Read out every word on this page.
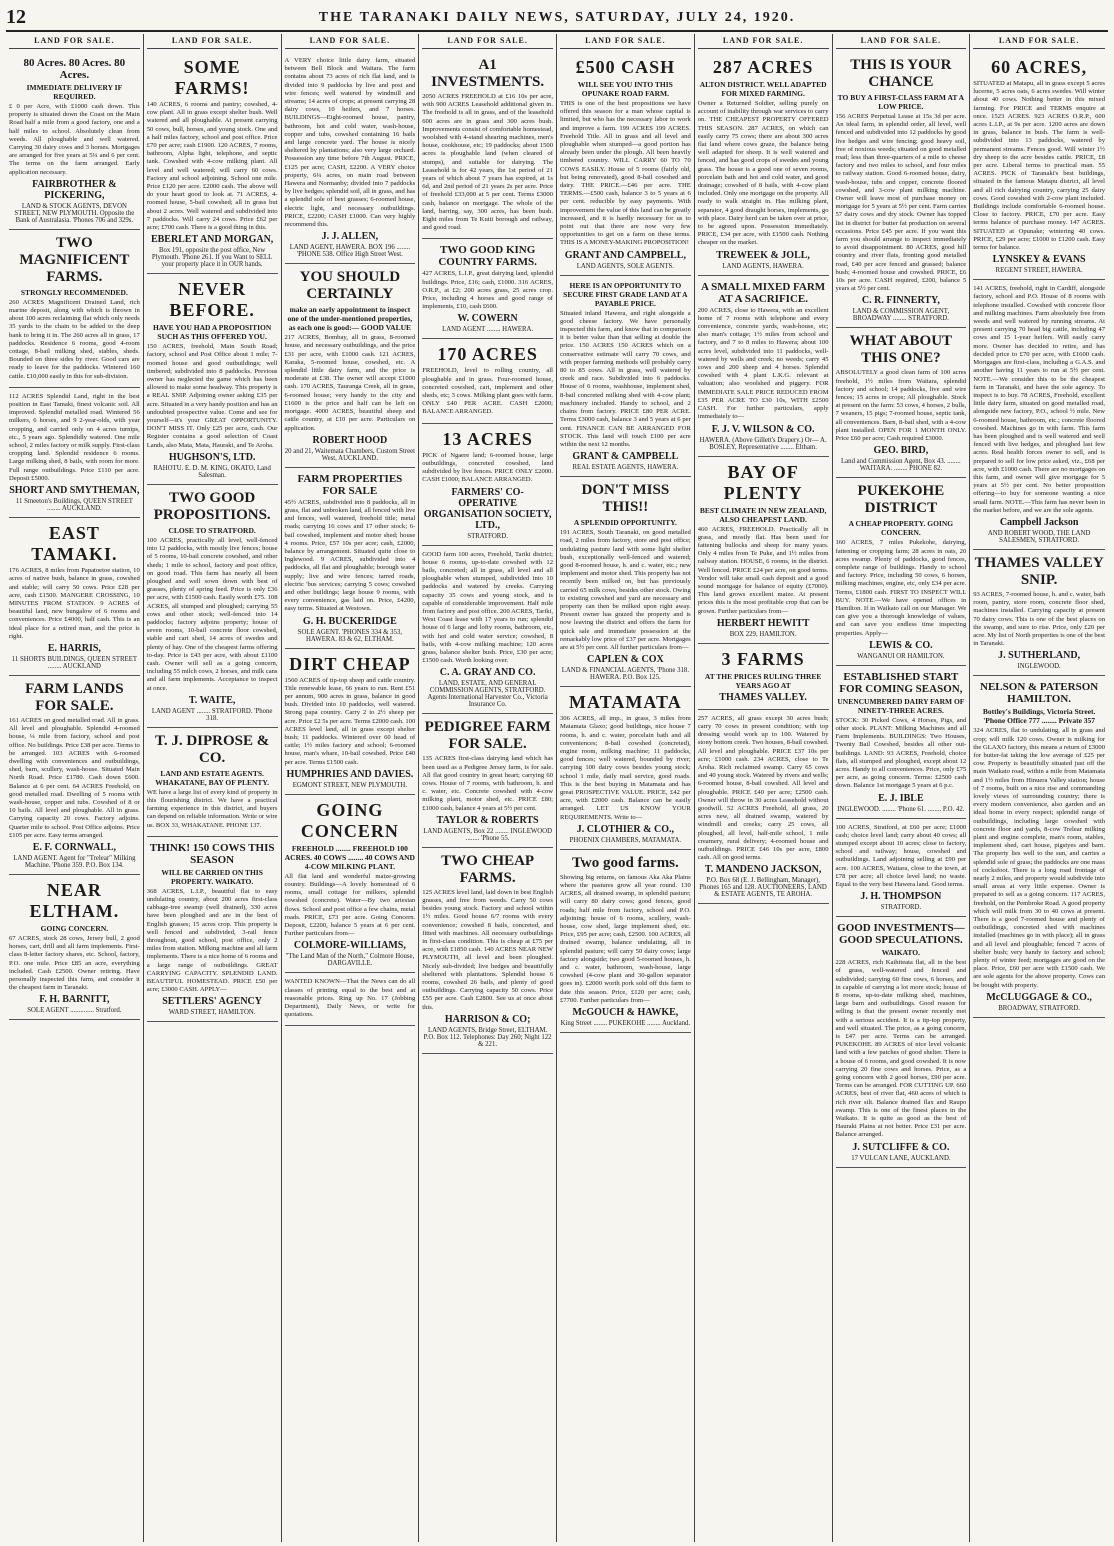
12	THE TARANAKI DAILY NEWS, SATURDAY, JULY 24, 1920.
LAND FOR SALE.
80 Acres. 80 Acres. 80 Acres.
IMMEDIATE DELIVERY IF REQUIRED.
£ 0 per Acre, with £1000 cash down. This property is situated down the Coast on the Main Road half a mile from a good factory, one and a half miles to school. Absolutely clean from weeds. All ploughable and well watered. Carrying 30 dairy cows and 3 horses. Mortgages are arranged for five years at 5¼ and 6 per cent. The terms on the farm arranged. Early application necessary.
FAIRBROTHER & PICKERING,
LAND & STOCK AGENTS, DEVON STREET, NEW PLYMOUTH. Opposite the Bank of Australasia. 'Phones 706 and 329s.
TWO MAGNIFICENT FARMS.
STRONGLY RECOMMENDED.
260 ACRES Magnificent Drained Land, rich marine deposit, along with which is thrown in about 100 acres reclaiming flat which only needs 35 yards to the chain to be added to the deep bank to bring it in. The 260 acres all in grass, 17 paddocks. Residence 6 rooms, good 4-room cottage, 8-bail milking shed, stables, sheds. Bounded on three sides by river. Good cars are ready to leave for the paddocks. Wintered 160 cattle. £10,000 easily in this for sub-division.
112 ACRES Splendid Land, right in the best position in East Tamaki, finest volcanic soil. All improved. Splendid metalled road. Wintered 56 milkers, 6 horses, and 9 2-year-olds, with year cropping, and carried only on 4 acres turnips, etc., 5 years ago. Splendidly watered. One mile school, 2 miles factory or milk supply. First-class cropping land. Splendid residence 6 rooms. Large milking shed, 8 bails, with room for more. Full range outbuildings. Price £110 per acre. Deposit £5000.
SHORT AND SMYTHEMAN,
11 Smeeton's Buildings, QUEEN STREET ........ AUCKLAND.
EAST TAMAKI.
176 ACRES, 8 miles from Papatoetoe station, 10 acres of native bush, balance in grass, cowshed and stable; will carry 50 cows. Price £28 per acre, cash £1500. MANGERE CROSSING, 10 MINUTES FROM STATION. 9 ACRES of beautiful land, new bungalow of 6 rooms and conveniences. Price £4000, half cash. This is an ideal place for a retired man, and the price is right.
E. HARRIS,
11 SHORTS BUILDINGS, QUEEN STREET ........ AUCKLAND
FARM LANDS FOR SALE.
161 ACRES on good metalled road. All in grass. All level and ploughable. Splendid 4-roomed house, ¼ mile from factory, school and post office. No buildings. Price £38 per acre. Terms to be arranged. 103 ACRES with 6-roomed dwelling with conveniences and outbuildings, shed, barn, scullery, wash-house. Situated Main North Road. Price £1780. Cash down £600. Balance at 6 per cent. 64 ACRES Freehold, on good metalled road. Dwelling of 5 rooms with wash-house, copper and tubs. Cowshed of 8 or 10 bails. All level and ploughable. All in grass. Carrying capacity 20 cows. Factory adjoins. Quarter mile to school. Post Office adjoins. Price £105 per acre. Easy terms arranged.
E. F. CORNWALL,
LAND AGENT. Agent for "Trelear" Milking Machine. 'Phone 359. P.O. Box 134.
NEAR ELTHAM.
GOING CONCERN.
67 ACRES, stock 28 cows, Jersey bull, 2 good horses, cart, drill and all farm implements. First-class 8-letter factory shares, etc. School, factory, P.O. one mile. Price £85 an acre, everything included. Cash £2500. Owner retiring. Have personally inspected this farm, and consider it the cheapest farm in Taranaki.
F. H. BARNITT,
SOLE AGENT .............. Stratford.
LAND FOR SALE.
SOME FARMS!
140 ACRES, 6 rooms and pantry; cowshed, 4-cow plant. All in grass except shelter bush. Well watered and all ploughable. At present carrying 50 cows, bull, horses, and young stock. One and a half miles factory, school and post office. Price £70 per acre; cash £1900. 120 ACRES, 7 rooms, bathroom, Alpha light, telephone, and septic tank. Cowshed with 4-cow milking plant. All level and well watered; will carry 60 cows. Factory and school adjoining. School one mile. Price £120 per acre. £2000 cash. The above will do your heart good to look at. 71 ACRES, 4-roomed house, 5-bail cowshed; all in grass but about 2 acres. Well watered and subdivided into 7 paddocks. Will carry 24 cows. Price £62 per acre; £700 cash. There is a good thing in this.
EBERLET AND MORGAN,
Box 191, opposite the post office, New Plymouth. 'Phone 261. If you Want to SELL your property place it in OUR hands.
NEVER BEFORE.
HAVE YOU HAD A PROPOSITION SUCH AS THIS OFFERED YOU.
150 ACRES, freehold, Main South Road; factory, school and Post Office about 1 mile; 7-roomed house and good outbuildings; well timbered; subdivided into 8 paddocks. Previous owner has neglected the game which has been allowed to make some headway. This property is a REAL SNIP. Adjoining owner asking £35 per acre. Situated in a very handy position and has an undoubted prospective value. Come and see for yourself—it's your GREAT OPPORTUNITY. DON'T MISS IT. Only £25 per acre, cash. Our Register contains a good selection of Coast Lands, also Mata, Mata, Hauraki, and Te Aroha.
HUGHSON'S, LTD.
RAHOTU. E. D. M. KING, OKATO, Land Salesman.
TWO GOOD PROPOSITIONS.
CLOSE TO STRATFORD.
100 ACRES, practically all level, well-fenced into 12 paddocks, with mostly live fences; house of 5 rooms, 10-bail concrete cowshed, and other sheds; 1 mile to school, factory and post office, on good road. This farm has nearly all been ploughed and well sown down with best of grasses, plenty of spring feed. Price is only £36 per acre, with £1500 cash. Easily worth £75. 108 ACRES, all stumped and ploughed; carrying 55 cows and other stock; well-fenced into 14 paddocks; factory adjoins property; house of seven rooms, 10-bail concrete floor cowshed, stable and cart shed, 14 acres of swedes and plenty of hay. One of the cheapest farms offering to-day. Price is £43 per acre, with about £1100 cash. Owner will sell as a going concern, including 55 milch cows, 2 horses, and milk cans and all farm implements. Acceptance to inspect at once.
T. WAITE,
LAND AGENT ........ STRATFORD. 'Phone 318.
T. J. DIPROSE & CO.
LAND AND ESTATE AGENTS. WHAKATANE, BAY OF PLENTY.
WE have a large list of every kind of property in this flourishing district. We have a practical farming experience in this district, and buyers can depend on reliable information. Write or wire us. BOX 33, WHAKATANE. PHONE 137.
THINK! 150 COWS THIS SEASON
WILL BE CARRIED ON THIS PROPERTY. WAIKATO.
368 ACRES, L.I.P., beautiful flat to easy undulating country, about 200 acres first-class cabbage-tree swamp (well drained), 330 acres have been ploughed and are in the best of English grasses; 15 acres crop. This property is well fenced and subdivided, 3-rail fence throughout, good school, post office, only 2 miles from station. Milking machine and all farm implements. There is a nice home of 6 rooms and a large range of outbuildings. GREAT CARRYING CAPACITY. SPLENDID LAND. BEAUTIFUL HOMESTEAD. PRICE £50 per acre; £3000 CASH. APPLY—
SETTLERS' AGENCY
WARD STREET, HAMILTON.
LAND FOR SALE.
A VERY choice little dairy farm, situated between Bell Block and Waitara. The farm contains about 73 acres of rich flat land, and is divided into 9 paddocks by live and post and wire fences; well watered by windmill and streams; 14 acres of crops; at present carrying 28 dairy cows, 10 heifers, and 7 horses. BUILDINGS—Eight-roomed house, pantry, bathroom, hot and cold water, wash-house, copper and tubs, cowshed containing 16 bails and large concrete yard. The house is nicely sheltered by plantations; also very large orchard. Possession any time before 7th August. PRICE, £125 per acre; CASH, £2200. A VERY choice property, 6¼ acres, on main road between Hawera and Normanby; divided into 7 paddocks by live hedges; splendid soil, all in grass, and has a splendid sole of best grasses; 6-roomed house, electric light, and necessary outbuildings. PRICE, £2200; CASH £1000. Can very highly recommend this.
J. J. ALLEN,
LAND AGENT, HAWERA. BOX 196 ........ 'PHONE 538. Office High Street West.
YOU SHOULD CERTAINLY
make an early appointment to inspect one of the under-mentioned properties, as each one is good:— GOOD VALUE
217 ACRES, Bombay, all in grass, 8-roomed house, and necessary outbuildings, and the price £31 per acre, with £1000 cash. 121 ACRES, Karaka, 5-roomed house, cowshed, etc. A splendid little dairy farm, and the price is moderate at £38. The owner will accept £1000 cash. 170 ACRES, Tauranga Creek, all in grass, 6-roomed house; very handy to the city and £1600 is the price and half can be left on mortgage. 4000 ACRES, beautiful sheep and cattle country, at £10 per acre. Particulars on application.
ROBERT HOOD
20 and 21, Waitemata Chambers, Custom Street West, AUCKLAND.
FARM PROPERTIES FOR SALE
45½ ACRES, subdivided into 8 paddocks, all in grass, flat and unbroken land, all fenced with live and fences, well watered, freehold title; metal roads; carrying 16 cows and 17 other stock; 6-bail cowshed, implement and motor shed; house 4 rooms. Price, £57 10s per acre; cash, £2000, balance by arrangement. Situated quite close to Inglewood. 9 ACRES, subdivided into 4 paddocks, all flat and ploughable; borough water supply; live and wire fences; tarred roads, electric 'bus services; carrying 5 cows; cowshed and other buildings; large house 9 rooms, with every convenience, gas laid on. Price, £4200, easy terms. Situated at Westown.
G. H. BUCKERIDGE
SOLE AGENT. 'PHONES 334 & 353, HAWERA. 83 & 62, ELTHAM.
DIRT CHEAP
1560 ACRES of tip-top sheep and cattle country. Title renewable lease, 66 years to run. Rent £51 per annum, 900 acres in grass, balance in good bush. Divided into 10 paddocks, well watered. Strong papa country. Carry 2 to 2½ sheep per acre. Price £2 5s per acre. Terms £2000 cash. 100 ACRES level land, all in grass except shelter bush; 11 paddocks. Wintered over 60 head of cattle; 1½ miles factory and school; 6-roomed house, man's whare, 10-bail cowshed. Price £40 per acre. Terms £1500 cash.
HUMPHRIES AND DAVIES.
EGMONT STREET, NEW PLYMOUTH.
GOING CONCERN
FREEHOLD ........ FREEHOLD 100 ACRES. 40 COWS ........ 40 COWS AND 4-COW MILKING PLANT.
All flat land and wonderful maize-growing country. Buildings—A lovely homestead of 6 rooms, small cottage for milkers, splendid cowshed (concrete). Water—By two artesian flows. School and post office a few chains, metal roads. PRICE, £73 per acre. Going Concern. Deposit, £2200, balance 5 years at 6 per cent. Further particulars from—
COLMORE-WILLIAMS,
"The Land Man of the North," Colmore House, DARGAVILLE.
WANTED KNOWN—That the News can do all classes of printing equal to the best and at reasonable prices. Ring up No. 17 (Jobbing Department), Daily News, or write for quotations.
LAND FOR SALE.
A1 INVESTMENTS.
2050 ACRES FREEHOLD at £16 10s per acre, with 900 ACRES Leasehold additional given in. The freehold is all in grass, and of the leasehold 600 acres are in grass and 300 acres bush. Improvements consist of comfortable homestead, woolshed with 4-stand shearing machines, men's house, cookhouse, etc; 19 paddocks; about 1500 acres is ploughable land (when cleared of stumps), and suitable for dairying. The Leasehold is for 42 years, the 1st period of 21 years of which about 7 years has expired, at 1s 6d, and 2nd period of 21 years 2s per acre. Price of freehold £33,000 at 5 per cent. Terms £3000 cash, balance on mortgage. The whole of the land, barring, say, 300 acres, has been bush. Eight miles from Te Kuiti borough and railway, and good road.
TWO GOOD KING COUNTRY FARMS.
427 ACRES, L.I.P., great dairying land, splendid buildings. Price, £16; cash, £1000. 316 ACRES, O.R.P., at £2; 200 acres grass, 25 acres crop. Price, including 4 horses and good range of implements, £10, cash £600.
W. COWERN
LAND AGENT ........ HAWERA.
170 ACRES
FREEHOLD, level to rolling country, all ploughable and in grass. Four-roomed house, concreted cowshed, cart, implement and other sheds, etc; 3 cows. Milking plant goes with farm. ONLY £40 PER ACRE. CASH £2000; BALANCE ARRANGED.
13 ACRES
PICK of Ngaere land; 6-roomed house, large outbuildings, concreted cowshed, land subdivided by live fences. PRICE ONLY £2000. CASH £1000; BALANCE ARRANGED.
FARMERS' CO-OPERATIVE ORGANISATION SOCIETY, LTD.,
STRATFORD.
GOOD farm 100 acres, Freehold, Tariki district; house 6 rooms, up-to-date cowshed with 12 bails, concreted; all in grass, all level and all ploughable when stumped, subdivided into 10 paddocks and watered by creeks. Carrying capacity 35 cows and young stock, and is capable of considerable improvement. Half mile from factory and post office. 200 ACRES, Tariki, West Coast lease with 17 years to run; splendid house of 6 large and lofty rooms, bathroom, etc, with hot and cold water service; cowshed, 8 bails, with 4-cow milking machine; 120 acres grass, balance shelter bush. Price, £30 per acre; £1500 cash. Worth looking over.
C. A. GRAY AND CO.
LAND, ESTATE, AND GENERAL COMMISSION AGENTS, STRATFORD. Agents International Harvester Co., Victoria Insurance Co.
PEDIGREE FARM FOR SALE.
135 ACRES first-class dairying land which has been used as a Pedigree Jersey farm, is for sale. All flat good country in great heart; carrying 60 cows. House of 7 rooms, with bathroom, h. and c. water, etc. Concrete cowshed with 4-cow milking plant, motor shed, etc. PRICE £80; £1000 cash, balance 4 years at 5½ per cent.
TAYLOR & ROBERTS
LAND AGENTS, Box 22 ........ INGLEWOOD ........ 'Phone 55.
TWO CHEAP FARMS.
125 ACRES level land, laid down in best English grasses, and free from weeds. Carry 50 cows besides young stock. Factory and school within 1½ miles. Good house 6/7 rooms with every convenience; cowshed 8 bails, concreted, and fitted with machines. All necessary outbuildings in first-class condition. This is cheap at £75 per acre, with £1850 cash. 140 ACRES NEAR NEW PLYMOUTH, all level and been ploughed. Nicely sub-divided; live hedges and beautifully sheltered with plantations. Splendid house 6 rooms, cowshed 26 bails, and plenty of good outbuildings. Carrying capacity 50 cows. Price £55 per acre. Cash £2800. See us at once about this.
HARRISON & CO;
LAND AGENTS, Bridge Street, ELTHAM. P.O. Box 112. Telephones: Day 260; Night 122 & 221.
LAND FOR SALE.
£500 CASH
WILL SEE YOU INTO THIS OPUNAKE ROAD FARM.
THIS is one of the best propositions we have offered this season for a man whose capital is limited, but who has the necessary labor to work and improve a farm. 199 ACRES 199 ACRES. Freehold Title. All in grass and all level and ploughable when stumped—a good portion has already been under the plough. All been heavily timbered country. WILL CARRY 60 TO 70 COWS EASILY. House of 5 rooms (fairly old, but being renovated), good 8-bail cowshed and dairy. THE PRICE.—£46 per acre. THE TERMS.—£500 cash, balance 3 to 5 years at 6 per cent. reducible by easy payments. With improvement the value of this land can be greatly increased, and it is hardly necessary for us to point out that there are now very few opportunities to get on a farm on these terms. THIS IS A MONEY-MAKING PROPOSITION!
GRANT AND CAMPBELL,
LAND AGENTS, SOLE AGENTS.
HERE IS AN OPPORTUNITY TO SECURE FIRST GRADE LAND AT A PAYABLE PRICE.
Situated inland Hawera, and right alongside a good cheese factory. We have personally inspected this farm, and know that in comparison it is better value than that selling at double the price. 150 ACRES 150 ACRES which on a conservative estimate will carry 70 cows, and with proper farming methods will probably carry 80 to 85 cows. All in grass, well watered by creek and race. Subdivided into 6 paddocks. House of 6 rooms, washhouse, implement shed, 8-bail concreted milking shed with 4-cow plant; machinery included. Handy to school, and 2 chains from factory. PRICE £80 PER ACRE. Terms £3000 cash, balance 3 and 5 years at 6 per cent. FINANCE CAN BE ARRANGED FOR STOCK. This land will touch £100 per acre within the next 12 months.
GRANT & CAMPBELL
REAL ESTATE AGENTS, HAWERA.
DON'T MISS THIS!!
A SPLENDID OPPORTUNITY.
191 ACRES, South Taranaki, on good metalled road, 2 miles from factory, store and post office; undulating pasture land with some light shelter bush, exceptionally well-fenced and watered; good 8-roomed house, h. and c. water, etc.; new implement and motor shed. This property has not recently been milked on, but has previously carried 65 milk cows, besides other stock. Owing to existing cowshed and yard are necessary and property can then be milked upon right away. Present owner has grazed the property and is now leaving the district and offers the farm for quick sale and immediate possession at the remarkably low price of £37 per acre. Mortgages are at 5½ per cent. All further particulars from—
CAPLEN & COX
LAND & FINANCIAL AGENTS, 'Phone 318. HAWERA. P.O. Box 125.
MATAMATA
306 ACRES, all imp., in grass, 3 miles from Matamata Glaxo; good buildings, nice house 7 rooms, h. and c. water, porcelain bath and all conveniences; 8-bail cowshed (concreted), engine room, milking machine; 11 paddocks, good fences; well watered, bounded by river; carrying 100 dairy cows besides young stock; school 1 mile, daily mail service, good roads. This is the best buying in Matamata and has great PROSPECTIVE VALUE. PRICE, £42 per acre, with £2000 cash. Balance can be easily arranged. LET US KNOW YOUR REQUIREMENTS. Write to—
J. CLOTHIER & CO.,
PHOENIX CHAMBERS, MATAMATA.
Two good farms.
Showing big returns, on famous Aka Aka Plains where the pastures grow all year round. 130 ACRES, all drained swamp, in splendid pasture; will carry 80 dairy cows; good fences, good roads; half mile from factory, school and P.O. adjoining; house of 6 rooms, scullery, wash-house, cow shed, large implement shed, etc. Price, £95 per acre; cash, £2500. 100 ACRES, all drained swamp, balance undulating, all in splendid pasture; will carry 50 dairy cows; large factory alongside; two good 5-roomed houses, h. and c. water, bathroom, wash-house, large cowshed (4-cow plant and 30-gallon separator goes in). £2000 worth pork sold off this farm to date this season. Price, £120 per acre; cash, £7700. Further particulars from—
McGOUCH & HAWKE,
King Street ........ PUKEKOHE ........ Auckland.
LAND FOR SALE.
287 ACRES
ALTON DISTRICT. WELL ADAPTED FOR MIXED FARMING.
Owner a Returned Soldier, selling purely on account of inability through war services to carry on. THE CHEAPEST PROPERTY OFFERED THIS SEASON. 287 ACRES, on which can easily carry 75 cows; there are about 300 acres flat land where cows graze, the balance being well adapted for sheep. It is well watered and fenced, and has good crops of swedes and young grass. The house is a good one of seven rooms, porcelain bath and hot and cold water, and good drainage; cowshed of 8 bails, with 4-cow plant included. Only one mortgage on the property. All ready to walk straight in. Has milking plant, separator, 4 good draught horses, implements, go with place. Dairy herd can be taken over at price, to be agreed upon. Possession immediately. PRICE, £34 per acre, with £1500 cash. Nothing cheaper on the market.
TREWEEK & JOLL,
LAND AGENTS, HAWERA.
A SMALL MIXED FARM AT A SACRIFICE.
200 ACRES, close to Hawera, with an excellent home of 7 rooms with telephone and every convenience, concrete yards, wash-house, etc; also man's cottage; 1½ miles from school and factory, and 7 to 8 miles to Hawera; about 100 acres level, subdivided into 11 paddocks, well-watered by wells and creek; no weeds; carry 45 cows and 200 sheep and 4 horses. Splendid cowshed with 4 plant L.K.G. relevant at valuation; also woolshed and piggery. FOR IMMEDIATE SALE PRICE REDUCED FROM £35 PER ACRE TO £30 10s, WITH £2500 CASH. For further particulars, apply immediately to—
F. J. V. WILSON & CO.
HAWERA. (Above Gillett's Drapery.) Or— A. BOSLEY, Representative ........ Eltham.
BAY OF PLENTY
BEST CLIMATE IN NEW ZEALAND, ALSO CHEAPEST LAND.
460 ACRES, FREEHOLD. Practically all in grass, and mostly flat. Has been used for fattening bullocks and sheep for many years. Only 4 miles from Te Puke, and 1½ miles from railway station. HOUSE, 6 rooms, in the district. Well fenced. PRICE £24 per acre, on good terms. Vendor will take small cash deposit and a good sound mortgage for balance of equity (£7000). This land grows excellent maize. At present prices this is the most profitable crop that can be grown. Further particulars from—
HERBERT HEWITT
BOX 229, HAMILTON.
3 FARMS
AT THE PRICES RULING THREE YEARS AGO AT
THAMES VALLEY.
257 ACRES, all grass except 30 acres bush; carry 70 cows in present condition; with top dressing would work up to 100. Watered by stony bottom creek. Two houses, 8-bail cowshed. All level and ploughable. PRICE £37 10s per acre; £1000 cash. 234 ACRES, close to Te Aroha. Rich reclaimed swamp. Carry 65 cows and 40 young stock. Watered by rivers and wells; 6-roomed house, 8-bail cowshed. All level and ploughable. PRICE £40 per acre; £2500 cash. Owner will throw in 30 acres Leasehold without goodwill. 52 ACRES Freehold, all grass, 20 acres new, all drained swamp, watered by windmill and creeks; carry 25 cows, all ploughed, all level, half-mile school, 1 mile creamery, rural delivery; 4-roomed house and outbuildings. PRICE £46 10s per acre, £800 cash. All on good terms.
T. MANDENO JACKSON,
P.O. Box 68 (E. J. Bellingham, Manager), Phones 165 and 128. AUCTIONEERS, LAND & ESTATE AGENTS, TE AROHA.
LAND FOR SALE.
THIS IS YOUR CHANCE
TO BUY A FIRST-CLASS FARM AT A LOW PRICE.
156 ACRES Perpetual Lease at 15s 3d per acre. An ideal farm, in splendid order, all level, well fenced and subdivided into 12 paddocks by good live hedges and wire fencing; good heavy soil, free of noxious weeds; situated on good metalled road; less than three-quarters of a mile to cheese factory and two miles to school, and four miles to railway station. Good 6-roomed house, dairy, wash-house, tubs and copper, concrete floored cowshed, and 3-cow plant milking machine. Owner will leave most of purchase money on mortgage for 5 years at 5½ per cent. Farm carries 57 dairy cows and dry stock. Owner has topped list in district for butter fat production on several occasions. Price £45 per acre. If you want this farm you should arrange to inspect immediately to avoid disappointment. 80 ACRES, good hill country and river flats, fronting good metalled road, £40 per acre fenced and grassed; balance bush; 4-roomed house and cowshed. PRICE, £6 10s per acre. CASH required, £200, balance 5 years at 5½ per cent.
C. R. FINNERTY,
LAND & COMMISSION AGENT, BROADWAY ........ STRATFORD.
WHAT ABOUT THIS ONE?
ABSOLUTELY a good clean farm of 100 acres freehold, 1½ miles from Waitara, splendid factory and school; 14 paddocks, live and wire fences; 15 acres in crops; All ploughable. Stock at present on the farm: 53 cows, 4 horses, 2 bulls, 7 weaners, 15 pigs; 7-roomed house, septic tank, all conveniences. Barn, 8-bail shed, with a 4-cow plant installed. OPEN FOR 1 MONTH ONLY. Price £60 per acre; Cash required £3000.
GEO. BIRD,
Land and Commission Agent, Box 43. ........ WAITARA. ........ PHONE 82.
PUKEKOHE DISTRICT
A CHEAP PROPERTY. GOING CONCERN.
160 ACRES, 7 miles Pukekohe, dairying, fattening or cropping farm; 28 acres in oats, 20 acres swamp. Plenty of paddocks, good fences, complete range of buildings. Handy to school and factory. Price, including 50 cows, 6 horses, milking machines, engine, etc, only £34 per acre. Terms, £1800 cash. FIRST TO INSPECT WILL BUY. NOTE.—We have opened offices in Hamilton. If in Waikato call on our Manager. We can give you a thorough knowledge of values, and can save you endless time inspecting properties. Apply—
LEWIS & CO.
WANGANUI OR HAMILTON.
ESTABLISHED START FOR COMING SEASON,
UNENCUMBERED DAIRY FARM OF NINETY-THREE ACRES.
STOCK: 30 Picked Cows, 4 Horses, Pigs, and other stock. PLANT: Milking Machines and all Farm Implements. BUILDINGS: Two Houses, Twenty Bail Cowshed, besides all other out-buildings. LAND: 93 ACRES, Freehold, choice flats, all stumped and ploughed, except about 12 acres. Handy to all conveniences. Price, only £75 per acre, as going concern. Terms: £2500 cash down. Balance 1st mortgage 5 years at 6 p.c.
E. J. IBLE
INGLEWOOD. ........ 'Phone 61. ........ P.O. 42.
100 ACRES, Stratford, at £60 per acre; £1000 cash; choice level land; carry about 40 cows; all stumped except about 10 acres; close to factory, school and railway; house, cowshed and outbuildings. Land adjoining selling at £90 per acre. 100 ACRES, Waitara, close to the town, at £78 per acre; all choice level land; no waste. Equal to the very best Hawera land. Good terms.
J. H. THOMPSON
STRATFORD.
GOOD INVESTMENTS—GOOD SPECULATIONS.
WAIKATO.
228 ACRES, rich Kaihiteata flat, all in the best of grass, well-watered and fenced and subdivided; carrying 60 fine cows, 6 horses, and in capable of carrying a lot more stock; house of 8 rooms, up-to-date milking shed, machines, large barn and outbuildings. Good reason for selling is that the present owner recently met with a serious accident. It is a tip-top property, and well situated. The price, as a going concern, is £47 per acre. Terms can be arranged. PUKEKOHE. 89 ACRES of nice level volcanic land with a few patches of good shelter. There is a house of 6 rooms, and good cowshed. It is now carrying 20 fine cows and horses. Price, as a going concern with 2 good horses, £90 per acre. Terms can be arranged. FOR CUTTING UP. 660 ACRES, best of river flat, 460 acres of which is rich river silt. Balance drained flax and Raupo swamp. This is one of the finest places in the Waikato. It is quite as good as the best of Hauraki Plains at not better. Price £31 per acre. Balance arranged.
J. SUTCLIFFE & CO.
17 VULCAN LANE, AUCKLAND.
LAND FOR SALE.
60 ACRES,
SITUATED at Matapu, all in grass except 5 acres lucerne, 5 acres oats, 6 acres swedes. Will winter about 40 cows. Nothing better in this mixed farming. For PRICE and TERMS enquire at once. 1523 ACRES. 923 ACRES O.R.P., 600 acres L.I.P., at 9s per acre. 1200 acres are down in grass, balance in bush. The farm is well-subdivided into 13 paddocks, watered by permanent streams. Fences good. Will winter 1½ dry sheep to the acre besides cattle. PRICE, £8 per acre. Liberal terms to practical man. 55 ACRES. PICK of Taranaki's best buildings, situated in the famous Matapu district, all level and all rich dairying country, carrying 25 dairy cows. Good cowshed with 2-cow plant included. Buildings include comfortable 6-roomed house. Close to factory. PRICE, £70 per acre. Easy terms balance of purchase money. 147 ACRES. SITUATED at Opunake; wintering 40 cows. PRICE, £29 per acre; £1000 to £1200 cash. Easy terms for balance.
LYNSKEY & EVANS
REGENT STREET, HAWERA.
141 ACRES, freehold, right in Cardiff, alongside factory, school and P.O. House of 8 rooms with telephone installed. Cowshed with concrete floor and milking machines. Farm absolutely free from weeds and well watered by running streams. At present carrying 70 head big cattle, including 47 cows and 15 1-year heifers. Will easily carry more. Owner has decided to retire, and has decided price to £70 per acre, with £1600 cash. Mortgages are first-class, including a G.A.S. and another having 11 years to run at 5½ per cent. NOTE.—We consider this to be the cheapest farm in Taranaki, and have the sole agency. To inspect is to buy. 78 ACRES, Freehold, excellent little dairy farm, situated on good metalled road, alongside new factory, P.O., school ½ mile. New 6-roomed house, bathroom, etc.; concrete floored cowshed. Machines go in with farm. This farm has been ploughed and is well watered and well fenced with live hedges, and ploughed last few acres. Real health forces owner to sell, and is prepared to sell for low price asked, viz., £68 per acre, with £1000 cash. There are no mortgages on this farm, and owner will give mortgage for 5 years at 5½ per cent. No better proposition offering—to buy for someone wanting a nice small farm. NOTE.—This farm has never been in the market before, and we are the sole agents.
Campbell Jackson
AND ROBERT WOOD, THE LAND SALESMEN, STRATFORD.
THAMES VALLEY SNIP.
93 ACRES, 7-roomed house, h. and c. water, bath room, pantry, store room, concrete floor shed, machines installed. Carrying capacity at present 70 dairy cows. This is one of the best places on the swamp, and sure to rise. Price, only £20 per acre. My list of North properties is one of the best in Taranaki.
J. SUTHERLAND,
INGLEWOOD.
NELSON & PATERSON HAMILTON.
Bottley's Buildings, Victoria Street. 'Phone Office 777 ........ Private 357
324 ACRES, flat to undulating, all in grass and crop; will milk 120 cows. Owner is milking for the GLAXO factory, this means a return of £3000 for butter-fat taking the low average of £25 per cow. Property is beautifully situated just off the main Waikato road, within a mile from Matamata and 1½ miles from Hinuera Valley station; house of 7 rooms, built on a nice rise and commanding lovely views of surrounding country; there is every modern convenience, also garden and an ideal home in every respect; splendid range of outbuildings, including large cowshed with concrete floor and yards, 8-cow Trelear milking plant and engine complete, man's room, stables, implement shed, cart house, pigstyes and barn. The property lies well to the sun, and carries a splendid sole of grass; the paddocks are one mass of cocksfoot. There is a long road frontage of nearly 2 miles, and property would subdivide into small areas at very little expense. Owner is prepared to sell as a going concern. 117 ACRES, freehold, on the Pembroke Road. A good property which will milk from 30 to 40 cows at present. There is a good 7-roomed house and plenty of outbuildings, concreted shed with machines installed (machines go in with place); all in grass and all level and ploughable; fenced 7 acres of shelter bush; very handy to factory and school; plenty of winter feed; mortgages are good on the place. Price, £60 per acre with £1500 cash. We are sole agents for the above property. Cows can be bought with property.
McCLUGGAGE & CO.,
BROADWAY, STRATFORD.
